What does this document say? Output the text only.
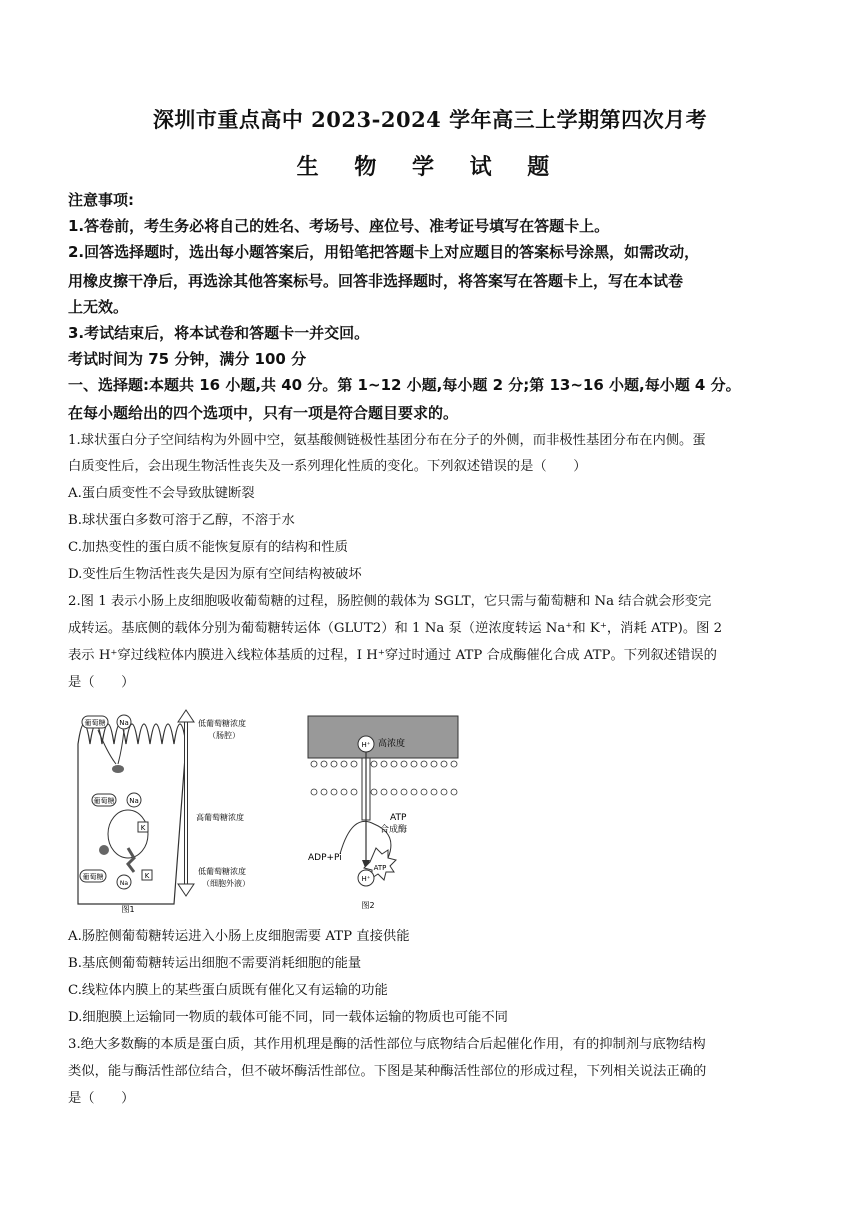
深圳市重点高中 2023-2024 学年高三上学期第四次月考
生 物 学 试 题
注意事项:
1.答卷前，考生务必将自己的姓名、考场号、座位号、准考证号填写在答题卡上。
2.回答选择题时，选出每小题答案后，用铅笔把答题卡上对应题目的答案标号涂黑，如需改动，
用橡皮擦干净后，再选涂其他答案标号。回答非选择题时，将答案写在答题卡上，写在本试卷
上无效。
3.考试结束后，将本试卷和答题卡一并交回。
考试时间为 75 分钟，满分 100 分
一、选择题:本题共 16 小题,共 40 分。第 1~12 小题,每小题 2 分;第 13~16 小题,每小题 4 分。
在每小题给出的四个选项中，只有一项是符合题目要求的。
1.球状蛋白分子空间结构为外圆中空，氨基酸侧链极性基团分布在分子的外侧，而非极性基团分布在内侧。蛋
白质变性后，会出现生物活性丧失及一系列理化性质的变化。下列叙述错误的是（　　）
A.蛋白质变性不会导致肽键断裂
B.球状蛋白多数可溶于乙醇，不溶于水
C.加热变性的蛋白质不能恢复原有的结构和性质
D.变性后生物活性丧失是因为原有空间结构被破坏
2.图 1 表示小肠上皮细胞吸收葡萄糖的过程，肠腔侧的载体为 SGLT，它只需与葡萄糖和 Na 结合就会形变完
成转运。基底侧的载体分别为葡萄糖转运体（GLUT2）和 1 Na 泵（逆浓度转运 Na⁺和 K⁺，消耗 ATP)。图 2
表示 H⁺穿过线粒体内膜进入线粒体基质的过程，I H⁺穿过时通过 ATP 合成酶催化合成 ATP。下列叙述错误的
是（　　）
葡萄糖 Na
葡萄糖 Na
K
葡萄糖
Na
K
图1
低葡萄糖浓度
（肠腔）
高葡萄糖浓度
低葡萄糖浓度
（细胞外液）
H⁺ 高浓度
ATP
合成酶
ADP+Pi
ATP
H⁺
图2
A.肠腔侧葡萄糖转运进入小肠上皮细胞需要 ATP 直接供能
B.基底侧葡萄糖转运出细胞不需要消耗细胞的能量
C.线粒体内膜上的某些蛋白质既有催化又有运输的功能
D.细胞膜上运输同一物质的载体可能不同，同一载体运输的物质也可能不同
3.绝大多数酶的本质是蛋白质，其作用机理是酶的活性部位与底物结合后起催化作用，有的抑制剂与底物结构
类似，能与酶活性部位结合，但不破坏酶活性部位。下图是某种酶活性部位的形成过程，下列相关说法正确的
是（　　）
